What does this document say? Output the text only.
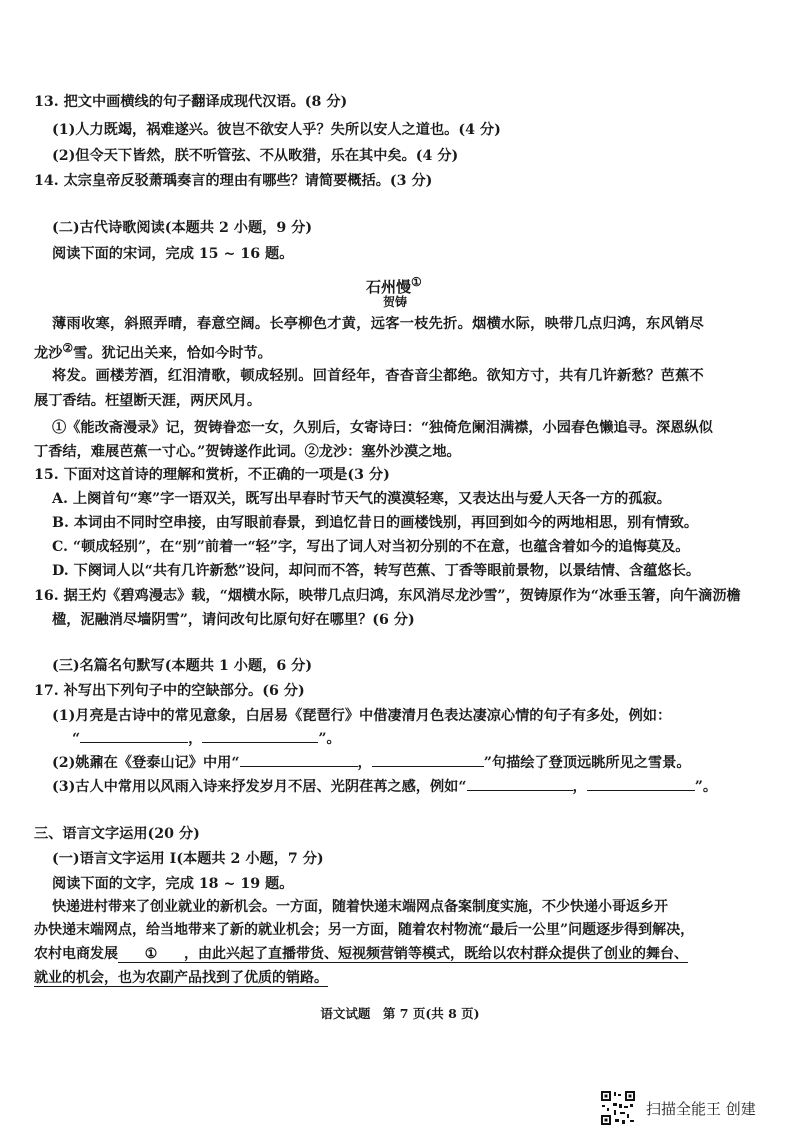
13. 把文中画横线的句子翻译成现代汉语。(8 分)
(1)人力既竭，祸难遂兴。彼岂不欲安人乎？失所以安人之道也。(4 分)
(2)但令天下皆然，朕不听管弦、不从畋猎，乐在其中矣。(4 分)
14. 太宗皇帝反驳萧瑀奏言的理由有哪些？请简要概括。(3 分)
(二)古代诗歌阅读(本题共 2 小题，9 分)
阅读下面的宋词，完成 15 ~ 16 题。
石州慢①
贺铸
薄雨收寒，斜照弄晴，春意空阔。长亭柳色才黄，远客一枝先折。烟横水际，映带几点归鸿，东风销尽
龙沙②雪。犹记出关来，恰如今时节。
将发。画楼芳酒，红泪清歌，顿成轻别。回首经年，杳杳音尘都绝。欲知方寸，共有几许新愁？芭蕉不
展丁香结。枉望断天涯，两厌风月。
①《能改斋漫录》记，贺铸眷恋一女，久别后，女寄诗曰：“独倚危阑泪满襟，小园春色懒追寻。深恩纵似
丁香结，难展芭蕉一寸心。”贺铸遂作此词。②龙沙：塞外沙漠之地。
15. 下面对这首诗的理解和赏析，不正确的一项是(3 分)
A. 上阕首句“寒”字一语双关，既写出早春时节天气的漠漠轻寒，又表达出与爱人天各一方的孤寂。
B. 本词由不同时空串接，由写眼前春景，到追忆昔日的画楼饯别，再回到如今的两地相思，别有情致。
C. “顿成轻别”，在“别”前着一“轻”字，写出了词人对当初分别的不在意，也蕴含着如今的追悔莫及。
D. 下阕词人以“共有几许新愁”设问，却问而不答，转写芭蕉、丁香等眼前景物，以景结情、含蕴悠长。
16. 据王灼《碧鸡漫志》载，“烟横水际，映带几点归鸿，东风消尽龙沙雪”，贺铸原作为“冰垂玉箸，向午滴沥檐
楹，泥融消尽墙阴雪”，请问改句比原句好在哪里？(6 分)
(三)名篇名句默写(本题共 1 小题，6 分)
17. 补写出下列句子中的空缺部分。(6 分)
(1)月亮是古诗中的常见意象，白居易《琵琶行》中借凄清月色表达凄凉心情的句子有多处，例如：
“	，	”。
(2)姚鼐在《登泰山记》中用“	，	”句描绘了登顶远眺所见之雪景。
(3)古人中常用以风雨入诗来抒发岁月不居、光阴荏苒之感，例如“	，	”。
三、语言文字运用(20 分)
(一)语言文字运用 I(本题共 2 小题，7 分)
阅读下面的文字，完成 18 ~ 19 题。
快递进村带来了创业就业的新机会。一方面，随着快递末端网点备案制度实施，不少快递小哥返乡开
办快递末端网点，给当地带来了新的就业机会；另一方面，随着农村物流“最后一公里”问题逐步得到解决，
农村电商发展 ① ，由此兴起了直播带货、短视频营销等模式，既给以农村群众提供了创业的舞台、
就业的机会，也为农副产品找到了优质的销路。
语文试题　第 7 页(共 8 页)
扫描全能王 创建
